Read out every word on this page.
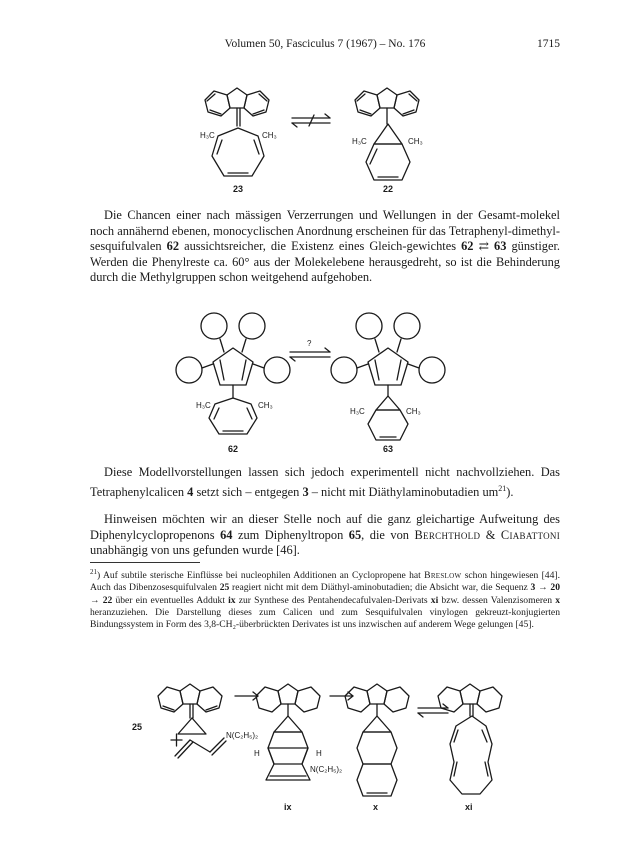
Volumen 50, Fasciculus 7 (1967) – No. 176	1715
H₃C	CH₃
H₃C	CH₃
23	22
Die Chancen einer nach mässigen Verzerrungen und Wellungen in der Gesamt-molekel noch annähernd ebenen, monocyclischen Anordnung erscheinen für das Tetraphenyl-dimethyl-sesquifulvalen 62 aussichtsreicher, die Existenz eines Gleich-gewichtes 62 ⇄ 63 günstiger. Werden die Phenylreste ca. 60° aus der Molekelebene herausgedreht, so ist die Behinderung durch die Methylgruppen schon weitgehend aufgehoben.
H₃C	CH₃
?
H₃C	CH₃
62	63
Diese Modellvorstellungen lassen sich jedoch experimentell nicht nachvollziehen. Das Tetraphenylcalicen 4 setzt sich – entgegen 3 – nicht mit Diäthylaminobutadien $um^{21}$).
Hinweisen möchten wir an dieser Stelle noch auf die ganz gleichartige Aufweitung des Diphenylcyclopropenons 64 zum Diphenyltropon 65, die von Berchthold & Ciabattoni unabhängig von uns gefunden wurde [46].
$^{21}$) Auf subtile sterische Einflüsse bei nucleophilen Additionen an Cyclopropene hat Breslow schon hingewiesen [44]. Auch das Dibenzosesquifulvalen 25 reagiert nicht mit dem Diäthyl-aminobutadien; die Absicht war, die Sequenz 3 → 20 → 22 über ein eventuelles Addukt ix zur Synthese des Pentahendecafulvalen-Derivats xi bzw. dessen Valenzisomeren x heranzuziehen. Die Darstellung dieses zum Calicen und zum Sesquifulvalen vinylogen gekreuzt-konjugierten Bindungssystem in Form des 3,8-CH₂-überbrückten Derivates ist uns inzwischen auf anderem Wege gelungen [45].
25
N(C₂H₅)₂
H	H
N(C₂H₅)₂
ix	x	xi
